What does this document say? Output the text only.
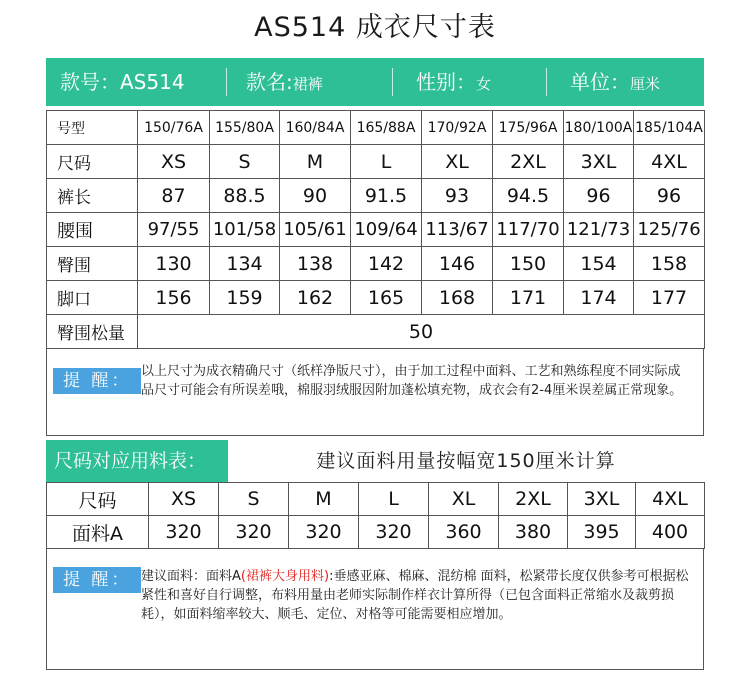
AS514 成衣尺寸表
款号：AS514	款名:裙裤	性别：女	单位：厘米
号型	150/76A	155/80A	160/84A	165/88A	170/92A	175/96A	180/100A	185/104A
尺码	XS	S	M	L	XL	2XL	3XL	4XL
裤长	87	88.5	90	91.5	93	94.5	96	96
腰围	97/55	101/58	105/61	109/64	113/67	117/70	121/73	125/76
臀围	130	134	138	142	146	150	154	158
脚口	156	159	162	165	168	171	174	177
臀围松量	50							
提 醒： 以上尺寸为成衣精确尺寸（纸样净版尺寸），由于加工过程中面料、工艺和熟练程度不同实际成品尺寸可能会有所误差哦，棉服羽绒服因附加蓬松填充物，成衣会有2-4厘米误差属正常现象。
尺码对应用料表：	建议面料用量按幅宽150厘米计算
尺码	XS	S	M	L	XL	2XL	3XL	4XL
面料A	320	320	320	320	360	380	395	400
提 醒： 建议面料：面料A(裙裤大身用料):垂感亚麻、棉麻、混纺棉 面料，松紧带长度仅供参考可根据松紧性和喜好自行调整，布料用量由老师实际制作样衣计算所得（已包含面料正常缩水及裁剪损耗），如面料缩率较大、顺毛、定位、对格等可能需要相应增加。
